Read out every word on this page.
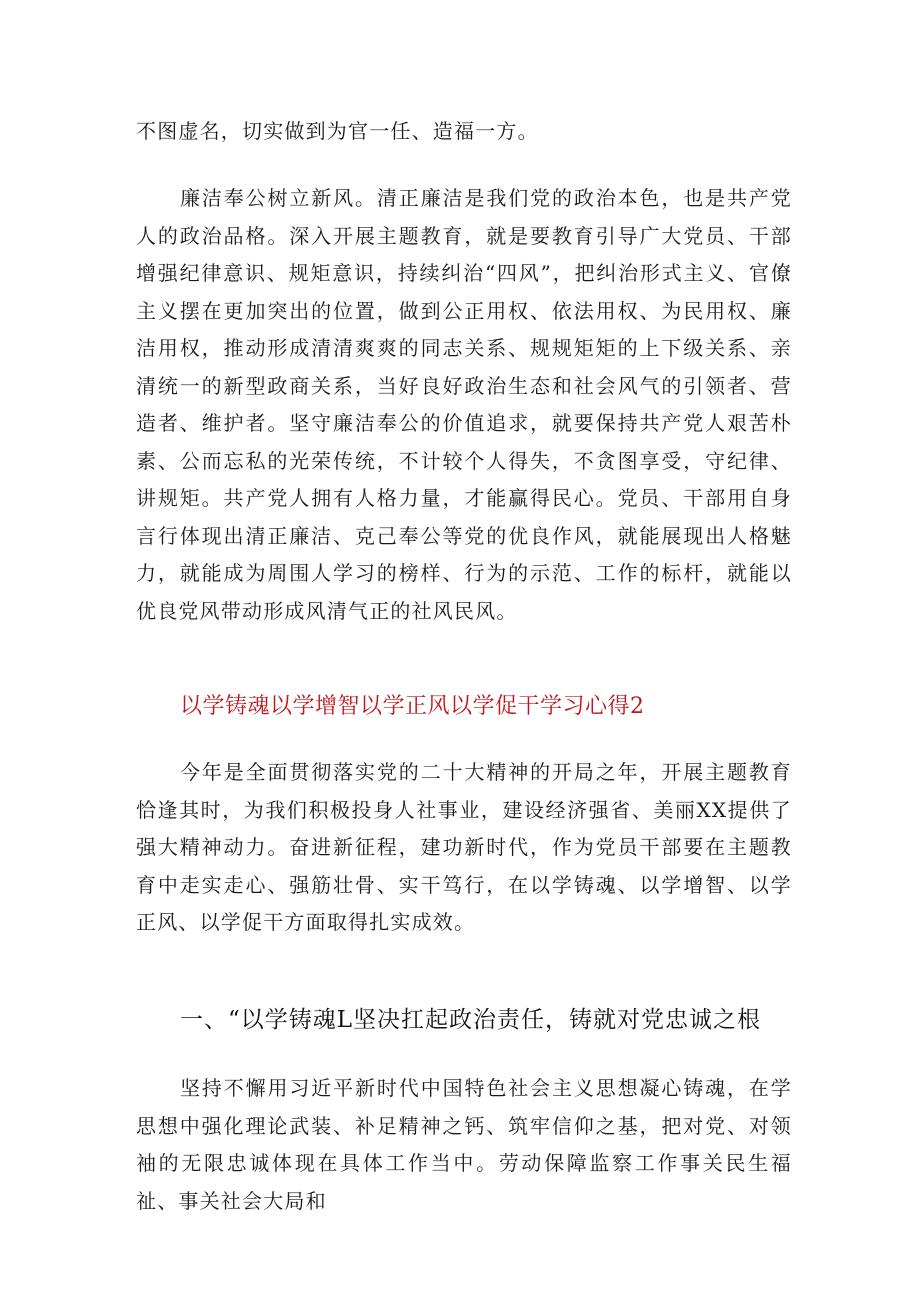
不图虚名，切实做到为官一任、造福一方。

廉洁奉公树立新风。清正廉洁是我们党的政治本色，也是共产党人的政治品格。深入开展主题教育，就是要教育引导广大党员、干部增强纪律意识、规矩意识，持续纠治“四风”，把纠治形式主义、官僚主义摆在更加突出的位置，做到公正用权、依法用权、为民用权、廉洁用权，推动形成清清爽爽的同志关系、规规矩矩的上下级关系、亲清统一的新型政商关系，当好良好政治生态和社会风气的引领者、营造者、维护者。坚守廉洁奉公的价值追求，就要保持共产党人艰苦朴素、公而忘私的光荣传统，不计较个人得失，不贪图享受，守纪律、讲规矩。共产党人拥有人格力量，才能赢得民心。党员、干部用自身言行体现出清正廉洁、克己奉公等党的优良作风，就能展现出人格魅力，就能成为周围人学习的榜样、行为的示范、工作的标杆，就能以优良党风带动形成风清气正的社风民风。

以学铸魂以学增智以学正风以学促干学习心得2

今年是全面贯彻落实党的二十大精神的开局之年，开展主题教育恰逢其时，为我们积极投身人社事业，建设经济强省、美丽XX提供了强大精神动力。奋进新征程，建功新时代，作为党员干部要在主题教育中走实走心、强筋壮骨、实干笃行，在以学铸魂、以学增智、以学正风、以学促干方面取得扎实成效。

一、“以学铸魂L坚决扛起政治责任，铸就对党忠诚之根

坚持不懈用习近平新时代中国特色社会主义思想凝心铸魂，在学思想中强化理论武装、补足精神之钙、筑牢信仰之基，把对党、对领袖的无限忠诚体现在具体工作当中。劳动保障监察工作事关民生福祉、事关社会大局和
